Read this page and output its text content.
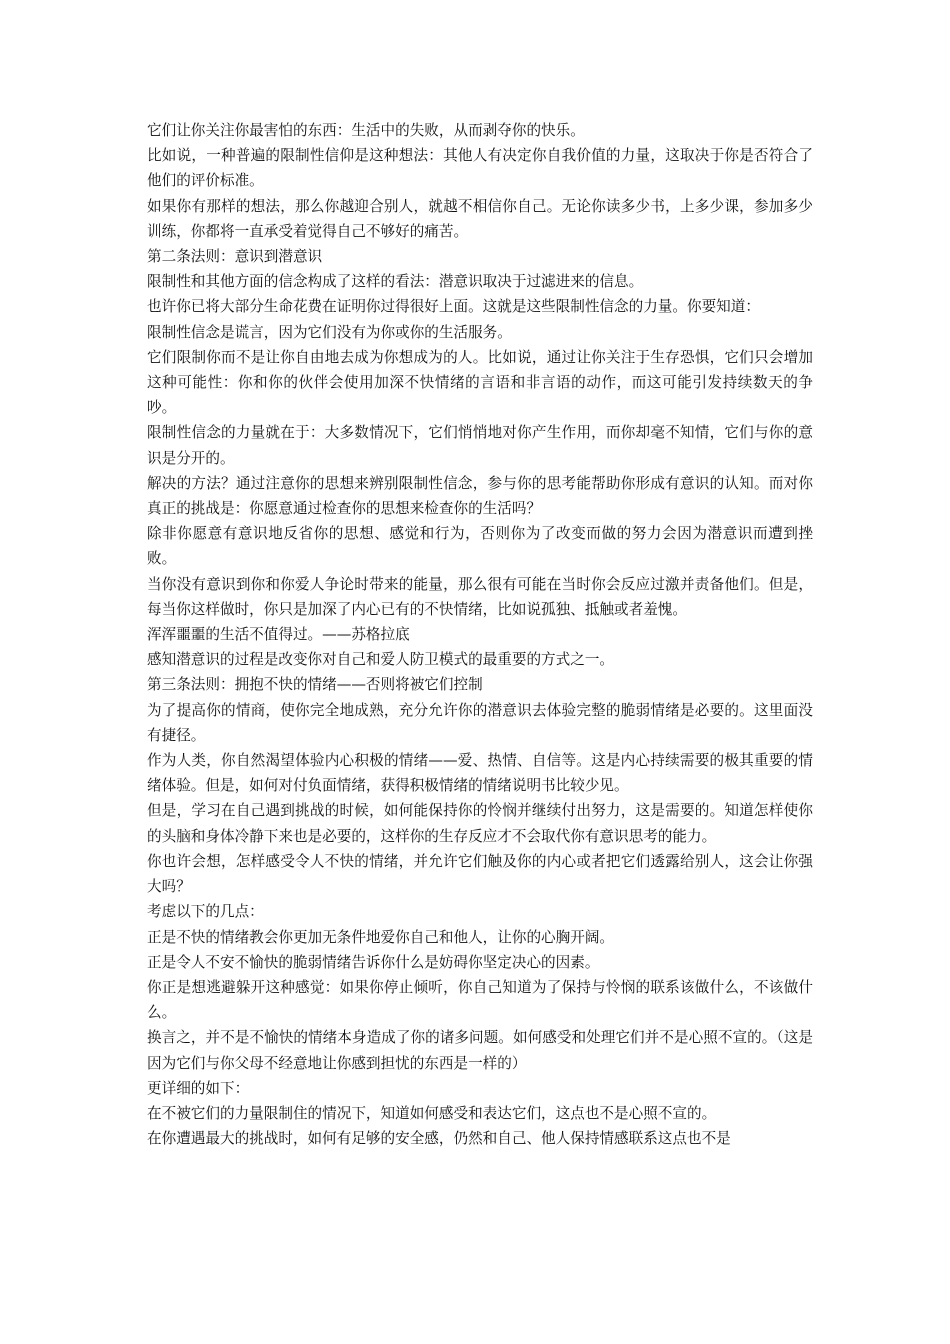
它们让你关注你最害怕的东西：生活中的失败，从而剥夺你的快乐。

比如说，一种普遍的限制性信仰是这种想法：其他人有决定你自我价值的力量，这取决于你是否符合了他们的评价标准。

如果你有那样的想法，那么你越迎合别人，就越不相信你自己。无论你读多少书，上多少课，参加多少训练，你都将一直承受着觉得自己不够好的痛苦。

第二条法则：意识到潜意识

限制性和其他方面的信念构成了这样的看法：潜意识取决于过滤进来的信息。

也许你已将大部分生命花费在证明你过得很好上面。这就是这些限制性信念的力量。你要知道：

限制性信念是谎言，因为它们没有为你或你的生活服务。

它们限制你而不是让你自由地去成为你想成为的人。比如说，通过让你关注于生存恐惧，它们只会增加这种可能性：你和你的伙伴会使用加深不快情绪的言语和非言语的动作，而这可能引发持续数天的争吵。

限制性信念的力量就在于：大多数情况下，它们悄悄地对你产生作用，而你却毫不知情，它们与你的意识是分开的。

解决的方法？通过注意你的思想来辨别限制性信念，参与你的思考能帮助你形成有意识的认知。而对你真正的挑战是：你愿意通过检查你的思想来检查你的生活吗？

除非你愿意有意识地反省你的思想、感觉和行为，否则你为了改变而做的努力会因为潜意识而遭到挫败。

当你没有意识到你和你爱人争论时带来的能量，那么很有可能在当时你会反应过激并责备他们。但是，每当你这样做时，你只是加深了内心已有的不快情绪，比如说孤独、抵触或者羞愧。

浑浑噩噩的生活不值得过。——苏格拉底

感知潜意识的过程是改变你对自己和爱人防卫模式的最重要的方式之一。

第三条法则：拥抱不快的情绪——否则将被它们控制

为了提高你的情商，使你完全地成熟，充分允许你的潜意识去体验完整的脆弱情绪是必要的。这里面没有捷径。

作为人类，你自然渴望体验内心积极的情绪——爱、热情、自信等。这是内心持续需要的极其重要的情绪体验。但是，如何对付负面情绪，获得积极情绪的情绪说明书比较少见。

但是，学习在自己遇到挑战的时候，如何能保持你的怜悯并继续付出努力，这是需要的。知道怎样使你的头脑和身体冷静下来也是必要的，这样你的生存反应才不会取代你有意识思考的能力。

你也许会想，怎样感受令人不快的情绪，并允许它们触及你的内心或者把它们透露给别人，这会让你强大吗？

考虑以下的几点：

正是不快的情绪教会你更加无条件地爱你自己和他人，让你的心胸开阔。

正是令人不安不愉快的脆弱情绪告诉你什么是妨碍你坚定决心的因素。

你正是想逃避躲开这种感觉：如果你停止倾听，你自己知道为了保持与怜悯的联系该做什么，不该做什么。

换言之，并不是不愉快的情绪本身造成了你的诸多问题。如何感受和处理它们并不是心照不宣的。（这是因为它们与你父母不经意地让你感到担忧的东西是一样的）

更详细的如下：

在不被它们的力量限制住的情况下，知道如何感受和表达它们，这点也不是心照不宣的。

在你遭遇最大的挑战时，如何有足够的安全感，仍然和自己、他人保持情感联系这点也不是
